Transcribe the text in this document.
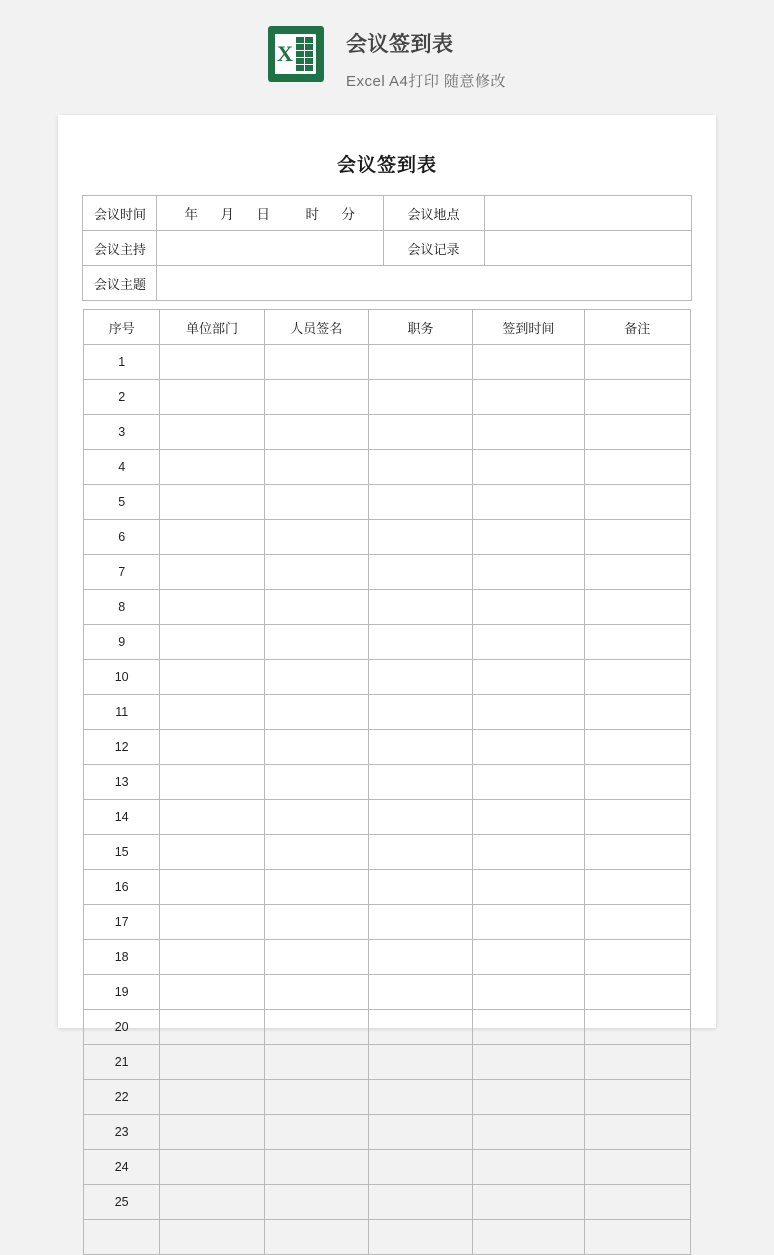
X	会议签到表
Excel A4打印 随意修改
会议签到表
会议时间	年 月 日 时 分	会议地点	
会议主持		会议记录	
会议主题			
序号	单位部门	人员签名	职务	签到时间	备注
1					
2					
3					
4					
5					
6					
7					
8					
9					
10					
11					
12					
13					
14					
15					
16					
17					
18					
19					
20					
21					
22					
23					
24					
25					
